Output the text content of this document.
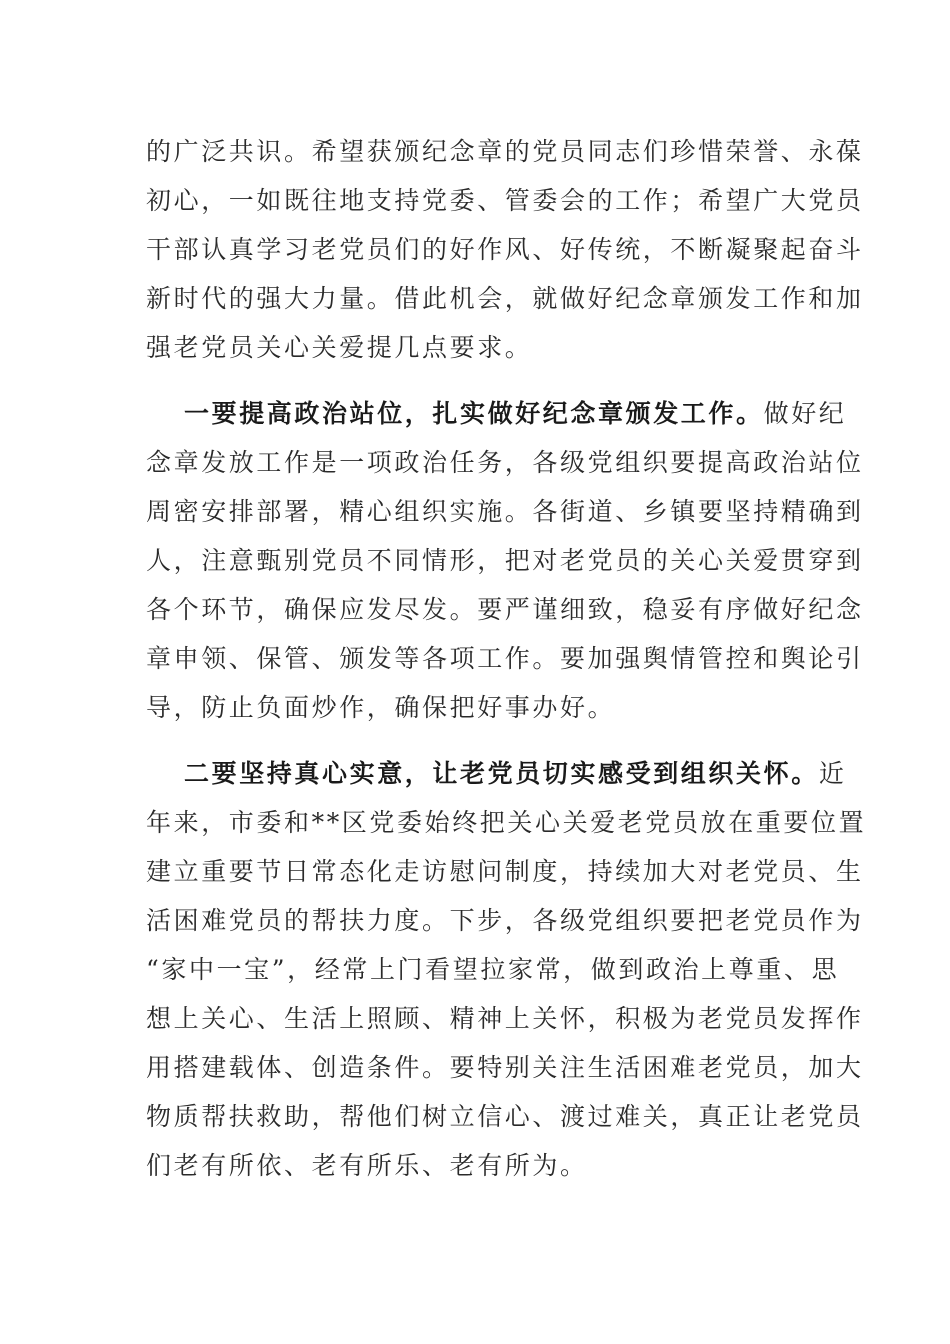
的广泛共识。希望获颁纪念章的党员同志们珍惜荣誉、永葆
初心，一如既往地支持党委、管委会的工作；希望广大党员
干部认真学习老党员们的好作风、好传统，不断凝聚起奋斗
新时代的强大力量。借此机会，就做好纪念章颁发工作和加
强老党员关心关爱提几点要求。
一要提高政治站位，扎实做好纪念章颁发工作。做好纪
念章发放工作是一项政治任务，各级党组织要提高政治站位
周密安排部署，精心组织实施。各街道、乡镇要坚持精确到
人，注意甄别党员不同情形，把对老党员的关心关爱贯穿到
各个环节，确保应发尽发。要严谨细致，稳妥有序做好纪念
章申领、保管、颁发等各项工作。要加强舆情管控和舆论引
导，防止负面炒作，确保把好事办好。
二要坚持真心实意，让老党员切实感受到组织关怀。近
年来，市委和**区党委始终把关心关爱老党员放在重要位置
建立重要节日常态化走访慰问制度，持续加大对老党员、生
活困难党员的帮扶力度。下步，各级党组织要把老党员作为
“家中一宝”，经常上门看望拉家常，做到政治上尊重、思
想上关心、生活上照顾、精神上关怀，积极为老党员发挥作
用搭建载体、创造条件。要特别关注生活困难老党员，加大
物质帮扶救助，帮他们树立信心、渡过难关，真正让老党员
们老有所依、老有所乐、老有所为。
